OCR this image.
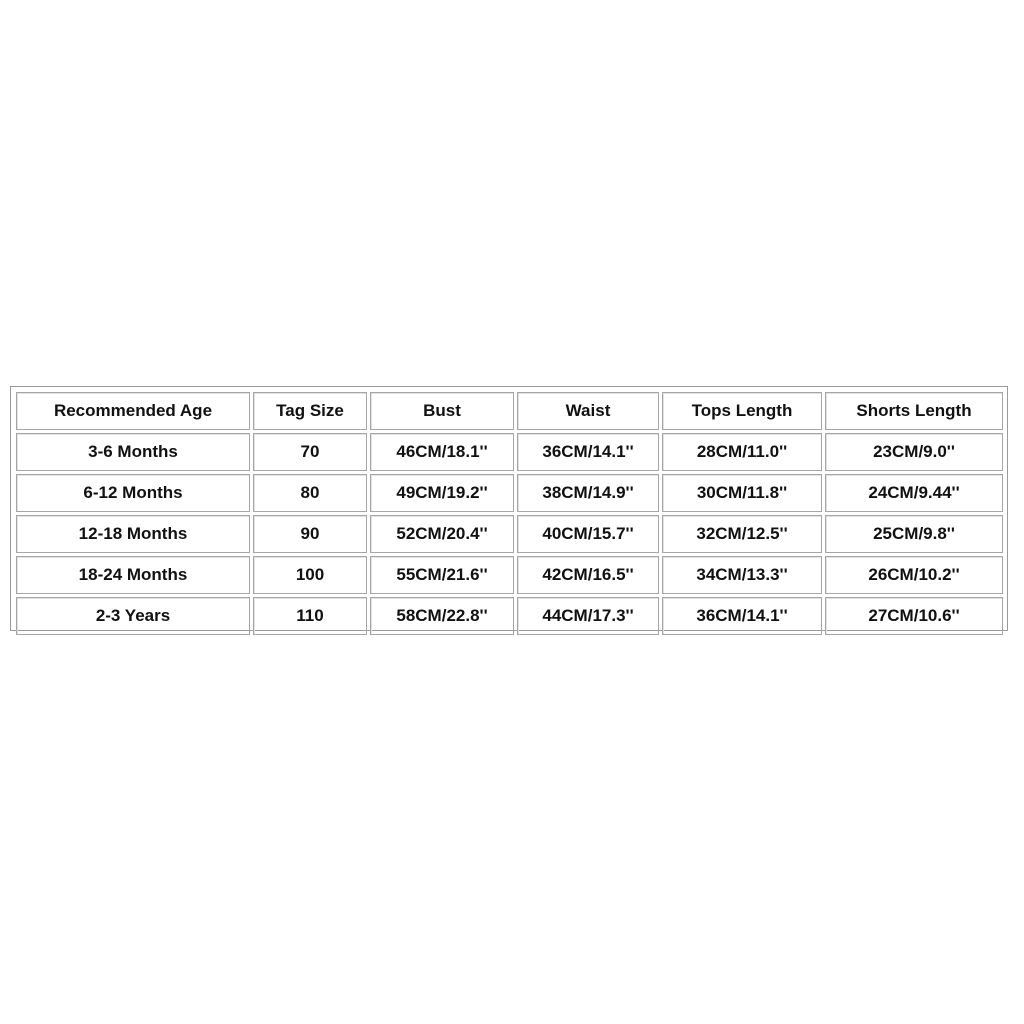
Recommended Age	Tag Size	Bust	Waist	Tops Length	Shorts Length
3-6 Months	70	46CM/18.1''	36CM/14.1''	28CM/11.0''	23CM/9.0''
6-12 Months	80	49CM/19.2''	38CM/14.9''	30CM/11.8''	24CM/9.44''
12-18 Months	90	52CM/20.4''	40CM/15.7''	32CM/12.5''	25CM/9.8''
18-24 Months	100	55CM/21.6''	42CM/16.5''	34CM/13.3''	26CM/10.2''
2-3 Years	110	58CM/22.8''	44CM/17.3''	36CM/14.1''	27CM/10.6''
